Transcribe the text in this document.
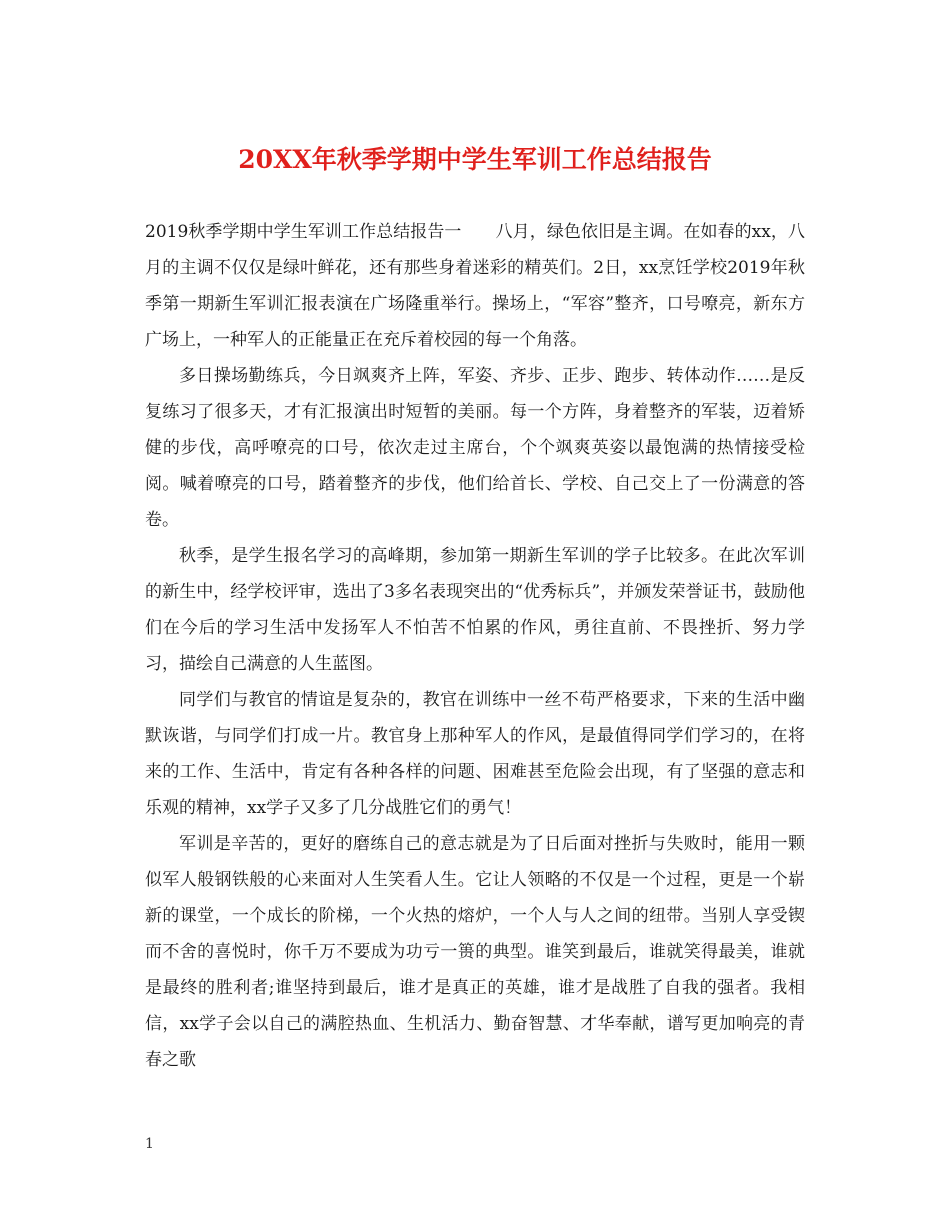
20XX年秋季学期中学生军训工作总结报告

2019秋季学期中学生军训工作总结报告一　　八月，绿色依旧是主调。在如春的xx，八月的主调不仅仅是绿叶鲜花，还有那些身着迷彩的精英们。2日，xx烹饪学校2019年秋季第一期新生军训汇报表演在广场隆重举行。操场上，“军容”整齐，口号嘹亮，新东方广场上，一种军人的正能量正在充斥着校园的每一个角落。

多日操场勤练兵，今日飒爽齐上阵，军姿、齐步、正步、跑步、转体动作……是反复练习了很多天，才有汇报演出时短暂的美丽。每一个方阵，身着整齐的军装，迈着矫健的步伐，高呼嘹亮的口号，依次走过主席台，个个飒爽英姿以最饱满的热情接受检阅。喊着嘹亮的口号，踏着整齐的步伐，他们给首长、学校、自己交上了一份满意的答卷。

秋季，是学生报名学习的高峰期，参加第一期新生军训的学子比较多。在此次军训的新生中，经学校评审，选出了3多名表现突出的“优秀标兵”，并颁发荣誉证书，鼓励他们在今后的学习生活中发扬军人不怕苦不怕累的作风，勇往直前、不畏挫折、努力学习，描绘自己满意的人生蓝图。

同学们与教官的情谊是复杂的，教官在训练中一丝不苟严格要求，下来的生活中幽默诙谐，与同学们打成一片。教官身上那种军人的作风，是最值得同学们学习的，在将来的工作、生活中，肯定有各种各样的问题、困难甚至危险会出现，有了坚强的意志和乐观的精神，xx学子又多了几分战胜它们的勇气！

军训是辛苦的，更好的磨练自己的意志就是为了日后面对挫折与失败时，能用一颗似军人般钢铁般的心来面对人生笑看人生。它让人领略的不仅是一个过程，更是一个崭新的课堂，一个成长的阶梯，一个火热的熔炉，一个人与人之间的纽带。当别人享受锲而不舍的喜悦时，你千万不要成为功亏一篑的典型。谁笑到最后，谁就笑得最美，谁就是最终的胜利者;谁坚持到最后，谁才是真正的英雄，谁才是战胜了自我的强者。我相信，xx学子会以自己的满腔热血、生机活力、勤奋智慧、才华奉献，谱写更加响亮的青春之歌

1
